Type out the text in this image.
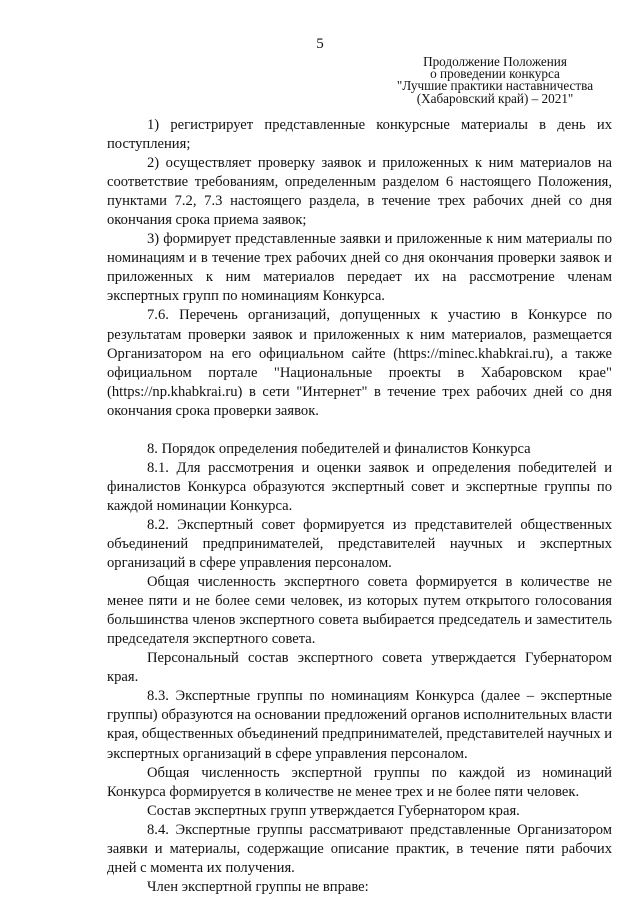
5
Продолжение Положения
о проведении конкурса
"Лучшие практики наставничества
(Хабаровский край) – 2021"

1) регистрирует представленные конкурсные материалы в день их поступления;

2) осуществляет проверку заявок и приложенных к ним материалов на соответствие требованиям, определенным разделом 6 настоящего Положения, пунктами 7.2, 7.3 настоящего раздела, в течение трех рабочих дней со дня окончания срока приема заявок;

3) формирует представленные заявки и приложенные к ним материалы по номинациям и в течение трех рабочих дней со дня окончания проверки заявок и приложенных к ним материалов передает их на рассмотрение членам экспертных групп по номинациям Конкурса.

7.6. Перечень организаций, допущенных к участию в Конкурсе по результатам проверки заявок и приложенных к ним материалов, размещается Организатором на его официальном сайте (https://minec.khabkrai.ru), а также официальном портале "Национальные проекты в Хабаровском крае" (https://np.khabkrai.ru) в сети "Интернет" в течение трех рабочих дней со дня окончания срока проверки заявок.

8. Порядок определения победителей и финалистов Конкурса

8.1. Для рассмотрения и оценки заявок и определения победителей и финалистов Конкурса образуются экспертный совет и экспертные группы по каждой номинации Конкурса.

8.2. Экспертный совет формируется из представителей общественных объединений предпринимателей, представителей научных и экспертных организаций в сфере управления персоналом.

Общая численность экспертного совета формируется в количестве не менее пяти и не более семи человек, из которых путем открытого голосования большинства членов экспертного совета выбирается председатель и заместитель председателя экспертного совета.

Персональный состав экспертного совета утверждается Губернатором края.

8.3. Экспертные группы по номинациям Конкурса (далее – экспертные группы) образуются на основании предложений органов исполнительных власти края, общественных объединений предпринимателей, представителей научных и экспертных организаций в сфере управления персоналом.

Общая численность экспертной группы по каждой из номинаций Конкурса формируется в количестве не менее трех и не более пяти человек.

Состав экспертных групп утверждается Губернатором края.

8.4. Экспертные группы рассматривают представленные Организатором заявки и материалы, содержащие описание практик, в течение пяти рабочих дней с момента их получения.

Член экспертной группы не вправе:
